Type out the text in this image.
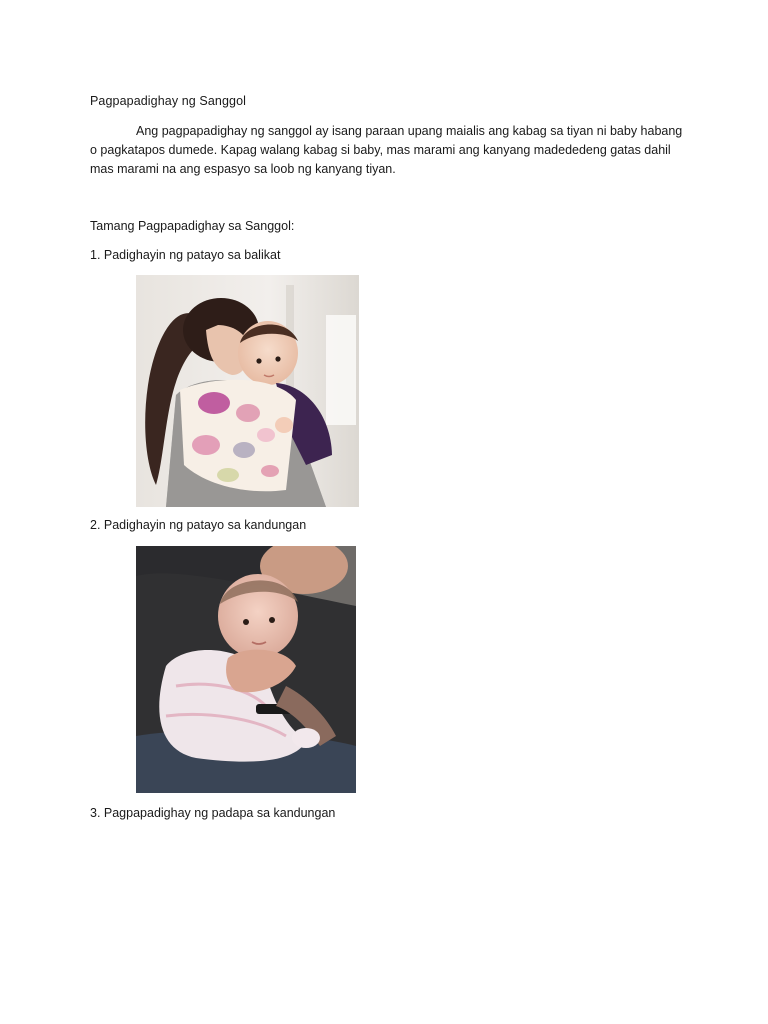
Pagpapadighay ng Sanggol

Ang pagpapadighay ng sanggol ay isang paraan upang maialis ang kabag sa tiyan ni baby habang o pagkatapos dumede. Kapag walang kabag si baby, mas marami ang kanyang madededeng gatas dahil mas marami na ang espasyo sa loob ng kanyang tiyan.

Tamang Pagpapadighay sa Sanggol:
1. Padighayin ng patayo sa balikat
2. Padighayin ng patayo sa kandungan
3. Pagpapadighay ng padapa sa kandungan
